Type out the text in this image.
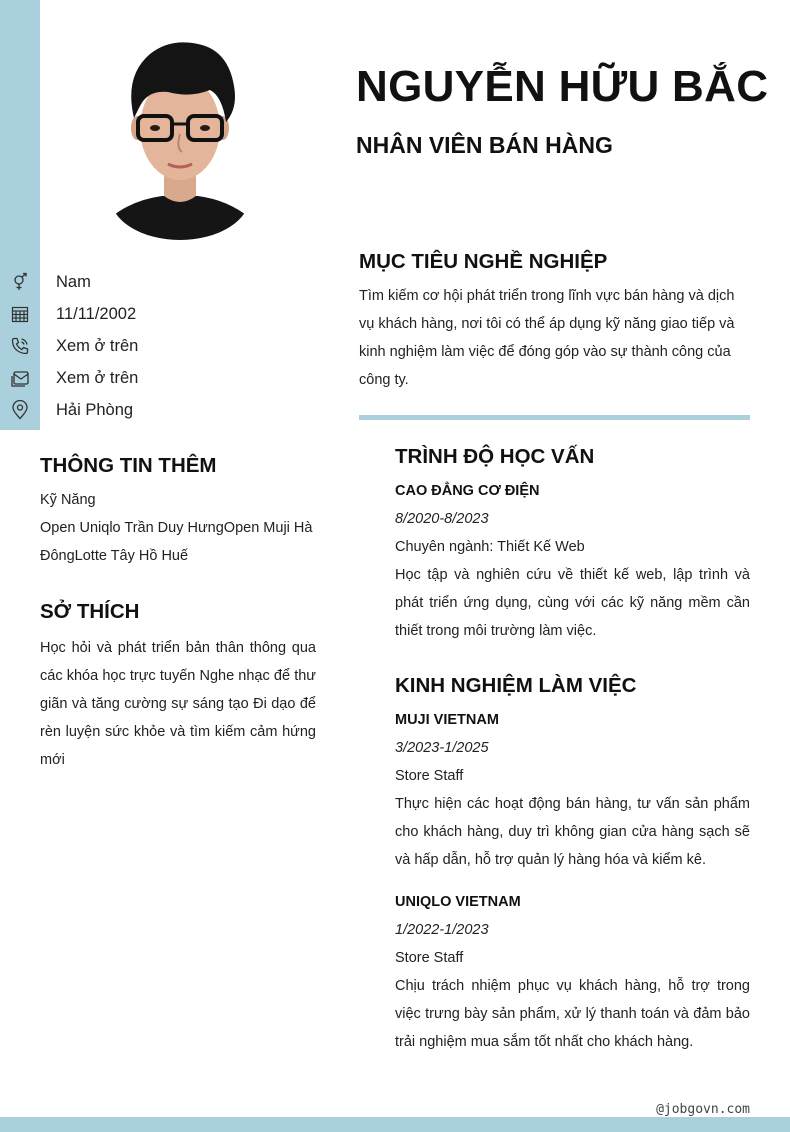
NGUYỄN HỮU BẮC
NHÂN VIÊN BÁN HÀNG
Nam
11/11/2002
Xem ở trên
Xem ở trên
Hải Phòng
THÔNG TIN THÊM

Kỹ Năng

Open Uniqlo Trần Duy HưngOpen Muji Hà ĐôngLotte Tây Hồ Huế

SỞ THÍCH

Học hỏi và phát triển bản thân thông qua các khóa học trực tuyến Nghe nhạc để thư giãn và tăng cường sự sáng tạo Đi dạo để rèn luyện sức khỏe và tìm kiếm cảm hứng mới

MỤC TIÊU NGHỀ NGHIỆP

Tìm kiếm cơ hội phát triển trong lĩnh vực bán hàng và dịch vụ khách hàng, nơi tôi có thể áp dụng kỹ năng giao tiếp và kinh nghiệm làm việc để đóng góp vào sự thành công của công ty.

TRÌNH ĐỘ HỌC VẤN

CAO ĐẲNG CƠ ĐIỆN

8/2020-8/2023

Chuyên ngành: Thiết Kế Web

Học tập và nghiên cứu về thiết kế web, lập trình và phát triển ứng dụng, cùng với các kỹ năng mềm cần thiết trong môi trường làm việc.

KINH NGHIỆM LÀM VIỆC

MUJI VIETNAM

3/2023-1/2025

Store Staff

Thực hiện các hoạt động bán hàng, tư vấn sản phẩm cho khách hàng, duy trì không gian cửa hàng sạch sẽ và hấp dẫn, hỗ trợ quản lý hàng hóa và kiểm kê.

UNIQLO VIETNAM

1/2022-1/2023

Store Staff

Chịu trách nhiệm phục vụ khách hàng, hỗ trợ trong việc trưng bày sản phẩm, xử lý thanh toán và đảm bảo trải nghiệm mua sắm tốt nhất cho khách hàng.

@jobgovn.com
